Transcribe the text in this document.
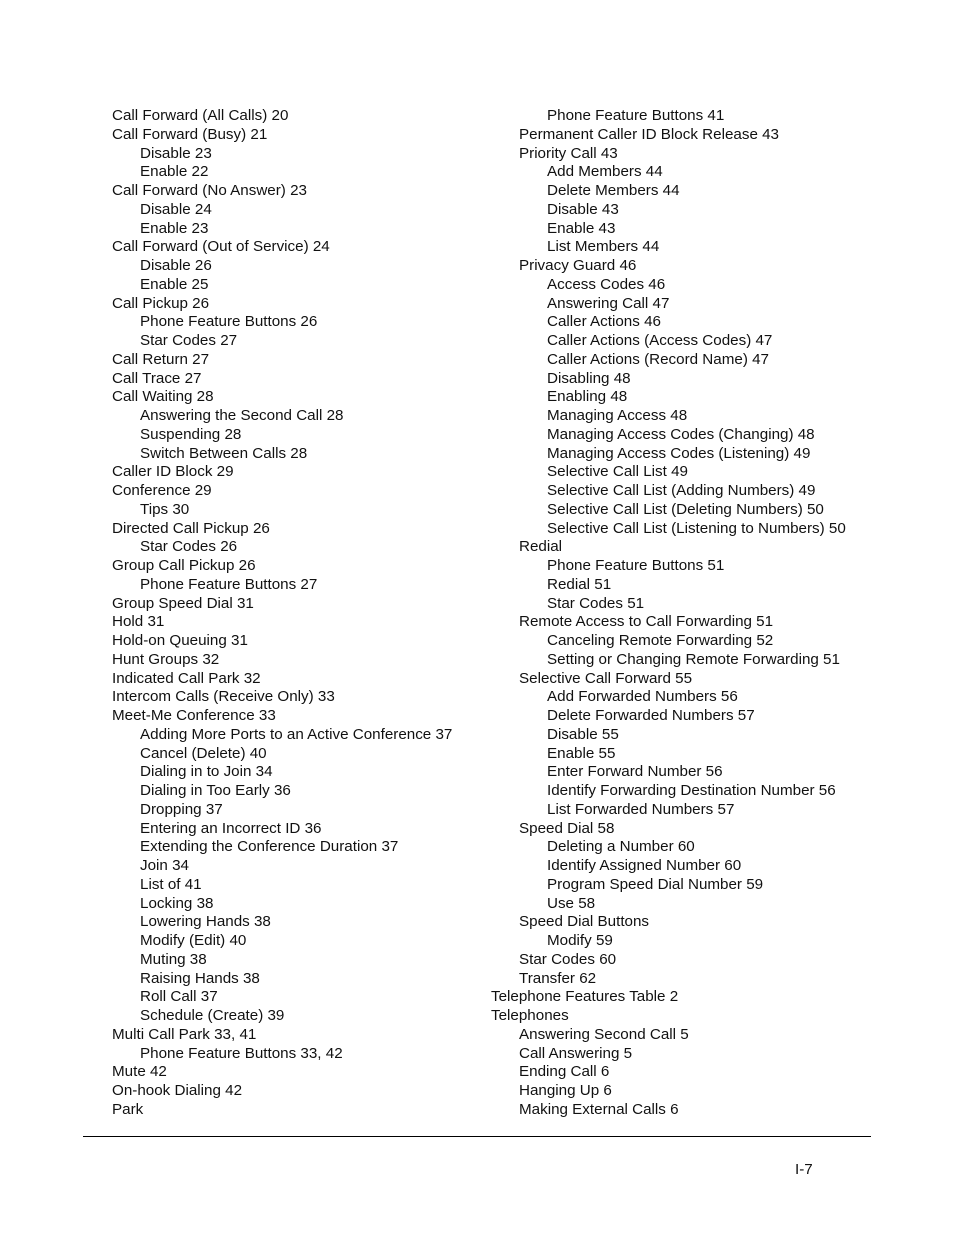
Call Forward (All Calls) 20
Call Forward (Busy) 21
Disable 23
Enable 22
Call Forward (No Answer) 23
Disable 24
Enable 23
Call Forward (Out of Service) 24
Disable 26
Enable 25
Call Pickup 26
Phone Feature Buttons 26
Star Codes 27
Call Return 27
Call Trace 27
Call Waiting 28
Answering the Second Call 28
Suspending 28
Switch Between Calls 28
Caller ID Block 29
Conference 29
Tips 30
Directed Call Pickup 26
Star Codes 26
Group Call Pickup 26
Phone Feature Buttons 27
Group Speed Dial 31
Hold 31
Hold-on Queuing 31
Hunt Groups 32
Indicated Call Park 32
Intercom Calls (Receive Only) 33
Meet-Me Conference 33
Adding More Ports to an Active Conference 37
Cancel (Delete) 40
Dialing in to Join 34
Dialing in Too Early 36
Dropping 37
Entering an Incorrect ID 36
Extending the Conference Duration 37
Join 34
List of 41
Locking 38
Lowering Hands 38
Modify (Edit) 40
Muting 38
Raising Hands 38
Roll Call 37
Schedule (Create) 39
Multi Call Park 33, 41
Phone Feature Buttons 33, 42
Mute 42
On-hook Dialing 42
Park
Phone Feature Buttons 41
Permanent Caller ID Block Release 43
Priority Call 43
Add Members 44
Delete Members 44
Disable 43
Enable 43
List Members 44
Privacy Guard 46
Access Codes 46
Answering Call 47
Caller Actions 46
Caller Actions (Access Codes) 47
Caller Actions (Record Name) 47
Disabling 48
Enabling 48
Managing Access 48
Managing Access Codes (Changing) 48
Managing Access Codes (Listening) 49
Selective Call List 49
Selective Call List (Adding Numbers) 49
Selective Call List (Deleting Numbers) 50
Selective Call List (Listening to Numbers) 50
Redial
Phone Feature Buttons 51
Redial 51
Star Codes 51
Remote Access to Call Forwarding 51
Canceling Remote Forwarding 52
Setting or Changing Remote Forwarding 51
Selective Call Forward 55
Add Forwarded Numbers 56
Delete Forwarded Numbers 57
Disable 55
Enable 55
Enter Forward Number 56
Identify Forwarding Destination Number 56
List Forwarded Numbers 57
Speed Dial 58
Deleting a Number 60
Identify Assigned Number 60
Program Speed Dial Number 59
Use 58
Speed Dial Buttons
Modify 59
Star Codes 60
Transfer 62
Telephone Features Table 2
Telephones
Answering Second Call 5
Call Answering 5
Ending Call 6
Hanging Up 6
Making External Calls 6
I-7
